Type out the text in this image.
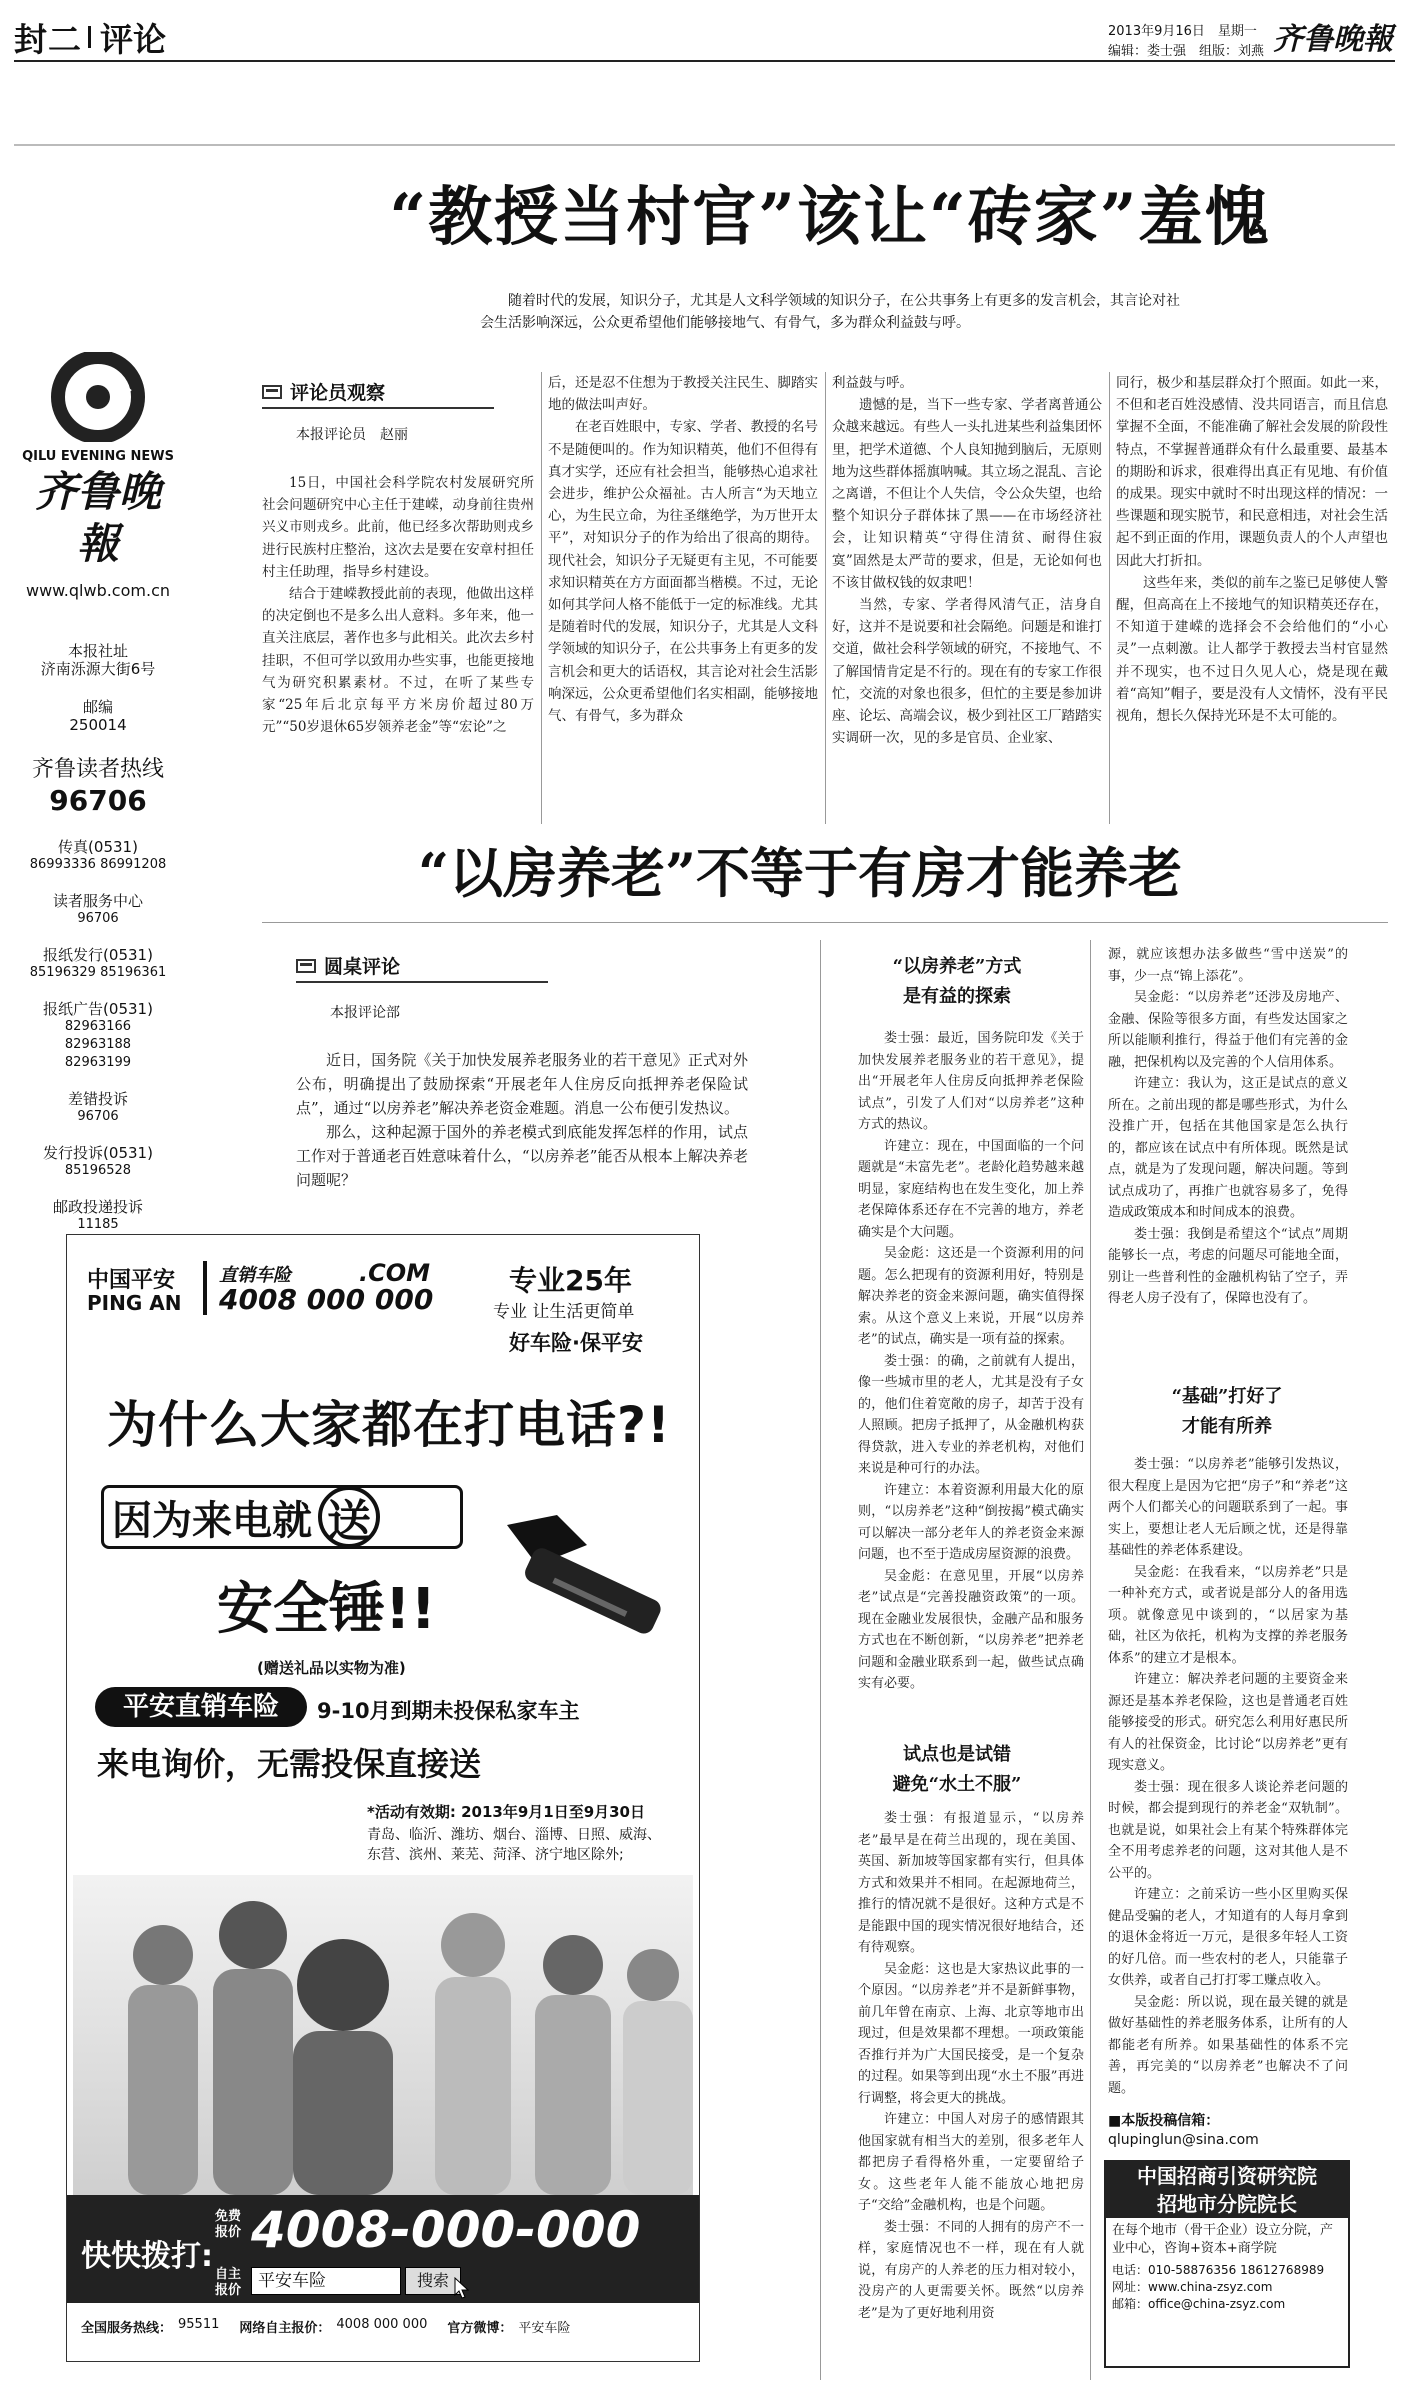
封二 评论	2013年9月16日　 星期一
编辑：娄士强　 组版：刘燕 齐鲁晚報
QILU EVENING NEWS
齐鲁晚報
www.qlwb.com.cn
本报社址
济南泺源大街6号
邮编
250014
齐鲁读者热线
96706
传真(0531)
86993336 86991208
读者服务中心
96706
报纸发行(0531)
85196329 85196361
报纸广告(0531)
82963166 82963188 82963199
差错投诉
96706
发行投诉(0531)
85196528
邮政投递投诉
11185
“教授当村官”该让“砖家”羞愧
随着时代的发展，知识分子，尤其是人文科学领域的知识分子，在公共事务上有更多的发言机会，其言论对社会生活影响深远，公众更希望他们能够接地气、有骨气，多为群众利益鼓与呼。
评论员观察
本报评论员　赵丽

15日，中国社会科学院农村发展研究所社会问题研究中心主任于建嵘，动身前往贵州兴义市则戎乡。此前，他已经多次帮助则戎乡进行民族村庄整治，这次去是要在安章村担任村主任助理，指导乡村建设。

结合于建嵘教授此前的表现，他做出这样的决定倒也不是多么出人意料。多年来，他一直关注底层，著作也多与此相关。此次去乡村挂职，不但可学以致用办些实事，也能更接地气为研究积累素材。不过，在听了某些专家“25年后北京每平方米房价超过80万元”“50岁退休65岁领养老金”等“宏论”之

后，还是忍不住想为于教授关注民生、脚踏实地的做法叫声好。

在老百姓眼中，专家、学者、教授的名号不是随便叫的。作为知识精英，他们不但得有真才实学，还应有社会担当，能够热心追求社会进步，维护公众福祉。古人所言“为天地立心，为生民立命，为往圣继绝学，为万世开太平”，对知识分子的作为给出了很高的期待。现代社会，知识分子无疑更有主见，不可能要求知识精英在方方面面都当楷模。不过，无论如何其学问人格不能低于一定的标准线。尤其是随着时代的发展，知识分子，尤其是人文科学领域的知识分子，在公共事务上有更多的发言机会和更大的话语权，其言论对社会生活影响深远，公众更希望他们名实相副，能够接地气、有骨气，多为群众

利益鼓与呼。

遗憾的是，当下一些专家、学者离普通公众越来越远。有些人一头扎进某些利益集团怀里，把学术道德、个人良知抛到脑后，无原则地为这些群体摇旗呐喊。其立场之混乱、言论之离谱，不但让个人失信，令公众失望，也给整个知识分子群体抹了黑——在市场经济社会，让知识精英“守得住清贫、耐得住寂寞”固然是太严苛的要求，但是，无论如何也不该甘做权钱的奴隶吧！

当然，专家、学者得风清气正，洁身自好，这并不是说要和社会隔绝。问题是和谁打交道，做社会科学领域的研究，不接地气、不了解国情肯定是不行的。现在有的专家工作很忙，交流的对象也很多，但忙的主要是参加讲座、论坛、高端会议，极少到社区工厂踏踏实实调研一次，见的多是官员、企业家、

同行，极少和基层群众打个照面。如此一来，不但和老百姓没感情、没共同语言，而且信息掌握不全面，不能准确了解社会发展的阶段性特点，不掌握普通群众有什么最重要、最基本的期盼和诉求，很难得出真正有见地、有价值的成果。现实中就时不时出现这样的情况：一些课题和现实脱节，和民意相违，对社会生活起不到正面的作用，课题负责人的个人声望也因此大打折扣。

这些年来，类似的前车之鉴已足够使人警醒，但高高在上不接地气的知识精英还存在，不知道于建嵘的选择会不会给他们的“小心灵”一点刺激。让人都学于教授去当村官显然并不现实，也不过日久见人心，烧是现在戴着“高知”帽子，要是没有人文情怀，没有平民视角，想长久保持光环是不太可能的。

“以房养老”不等于有房才能养老
圆桌评论
本报评论部

近日，国务院《关于加快发展养老服务业的若干意见》正式对外公布，明确提出了鼓励探索“开展老年人住房反向抵押养老保险试点”，通过“以房养老”解决养老资金难题。消息一公布便引发热议。

那么，这种起源于国外的养老模式到底能发挥怎样的作用，试点工作对于普通老百姓意味着什么，“以房养老”能否从根本上解决养老问题呢？

“以房养老”方式
是有益的探索

娄士强：最近，国务院印发《关于加快发展养老服务业的若干意见》，提出“开展老年人住房反向抵押养老保险试点”，引发了人们对“以房养老”这种方式的热议。

许建立：现在，中国面临的一个问题就是“未富先老”。老龄化趋势越来越明显，家庭结构也在发生变化，加上养老保障体系还存在不完善的地方，养老确实是个大问题。

吴金彪：这还是一个资源利用的问题。怎么把现有的资源利用好，特别是解决养老的资金来源问题，确实值得探索。从这个意义上来说，开展“以房养老”的试点，确实是一项有益的探索。

娄士强：的确，之前就有人提出，像一些城市里的老人，尤其是没有子女的，他们住着宽敞的房子，却苦于没有人照顾。把房子抵押了，从金融机构获得贷款，进入专业的养老机构，对他们来说是种可行的办法。

许建立：本着资源利用最大化的原则，“以房养老”这种“倒按揭”模式确实可以解决一部分老年人的养老资金来源问题，也不至于造成房屋资源的浪费。

吴金彪：在意见里，开展“以房养老”试点是“完善投融资政策”的一项。现在金融业发展很快，金融产品和服务方式也在不断创新，“以房养老”把养老问题和金融业联系到一起，做些试点确实有必要。

试点也是试错
避免“水土不服”

娄士强：有报道显示，“以房养老”最早是在荷兰出现的，现在美国、英国、新加坡等国家都有实行，但具体方式和效果并不相同。在起源地荷兰，推行的情况就不是很好。这种方式是不是能跟中国的现实情况很好地结合，还有待观察。

吴金彪：这也是大家热议此事的一个原因。“以房养老”并不是新鲜事物，前几年曾在南京、上海、北京等地市出现过，但是效果都不理想。一项政策能否推行并为广大国民接受，是一个复杂的过程。如果等到出现“水土不服”再进行调整，将会更大的挑战。

许建立：中国人对房子的感情跟其他国家就有相当大的差别，很多老年人都把房子看得格外重，一定要留给子女。这些老年人能不能放心地把房子“交给”金融机构，也是个问题。

娄士强：不同的人拥有的房产不一样，家庭情况也不一样，现在有人就说，有房产的人养老的压力相对较小，没房产的人更需要关怀。既然“以房养老”是为了更好地利用资

源，就应该想办法多做些“雪中送炭”的事，少一点“锦上添花”。

吴金彪：“以房养老”还涉及房地产、金融、保险等很多方面，有些发达国家之所以能顺利推行，得益于他们有完善的金融，把保机构以及完善的个人信用体系。

许建立：我认为，这正是试点的意义所在。之前出现的都是哪些形式，为什么没推广开，包括在其他国家是怎么执行的，都应该在试点中有所体现。既然是试点，就是为了发现问题，解决问题。等到试点成功了，再推广也就容易多了，免得造成政策成本和时间成本的浪费。

娄士强：我倒是希望这个“试点”周期能够长一点，考虑的问题尽可能地全面，别让一些普利性的金融机构钻了空子，弄得老人房子没有了，保障也没有了。

“基础”打好了
才能有所养

娄士强：“以房养老”能够引发热议，很大程度上是因为它把“房子”和“养老”这两个人们都关心的问题联系到了一起。事实上，要想让老人无后顾之忧，还是得靠基础性的养老体系建设。

吴金彪：在我看来，“以房养老”只是一种补充方式，或者说是部分人的备用选项。就像意见中谈到的，“以居家为基础，社区为依托，机构为支撑的养老服务体系”的建立才是根本。

许建立：解决养老问题的主要资金来源还是基本养老保险，这也是普通老百姓能够接受的形式。研究怎么利用好惠民所有人的社保资金，比讨论“以房养老”更有现实意义。

娄士强：现在很多人谈论养老问题的时候，都会提到现行的养老金“双轨制”。也就是说，如果社会上有某个特殊群体完全不用考虑养老的问题，这对其他人是不公平的。

许建立：之前采访一些小区里购买保健品受骗的老人，才知道有的人每月拿到的退休金将近一万元，是很多年轻人工资的好几倍。而一些农村的老人，只能靠子女供养，或者自己打打零工赚点收入。

吴金彪：所以说，现在最关键的就是做好基础性的养老服务体系，让所有的人都能老有所养。如果基础性的体系不完善，再完美的“以房养老”也解决不了问题。

■本版投稿信箱：
qlupinglun@sina.com
中国招商引资研究院
招地市分院院长
在每个地市（骨干企业）设立分院，产业中心，咨询+资本+商学院
电话：010-58876356 18612768989
网址：www.china-zsyz.com
邮箱：office@china-zsyz.com
中国平安
PING AN
直销车险
4008 000 000
.COM	专业25年
专业 让生活更简单
好车险·保平安
为什么大家都在打电话?!
因为来电就 送
安全锤!!
(赠送礼品以实物为准)
平安直销车险	9-10月到期未投保私家车主
来电询价，无需投保直接送
*活动有效期: 2013年9月1日至9月30日
青岛、临沂、潍坊、烟台、淄博、日照、威海、东营、滨州、莱芜、菏泽、济宁地区除外;
快快拨打:
免费报价 4008-000-000
自主报价 平安车险	搜索
全国服务热线： 95511 网络自主报价： 4008 000 000 官方微博： 平安车险
